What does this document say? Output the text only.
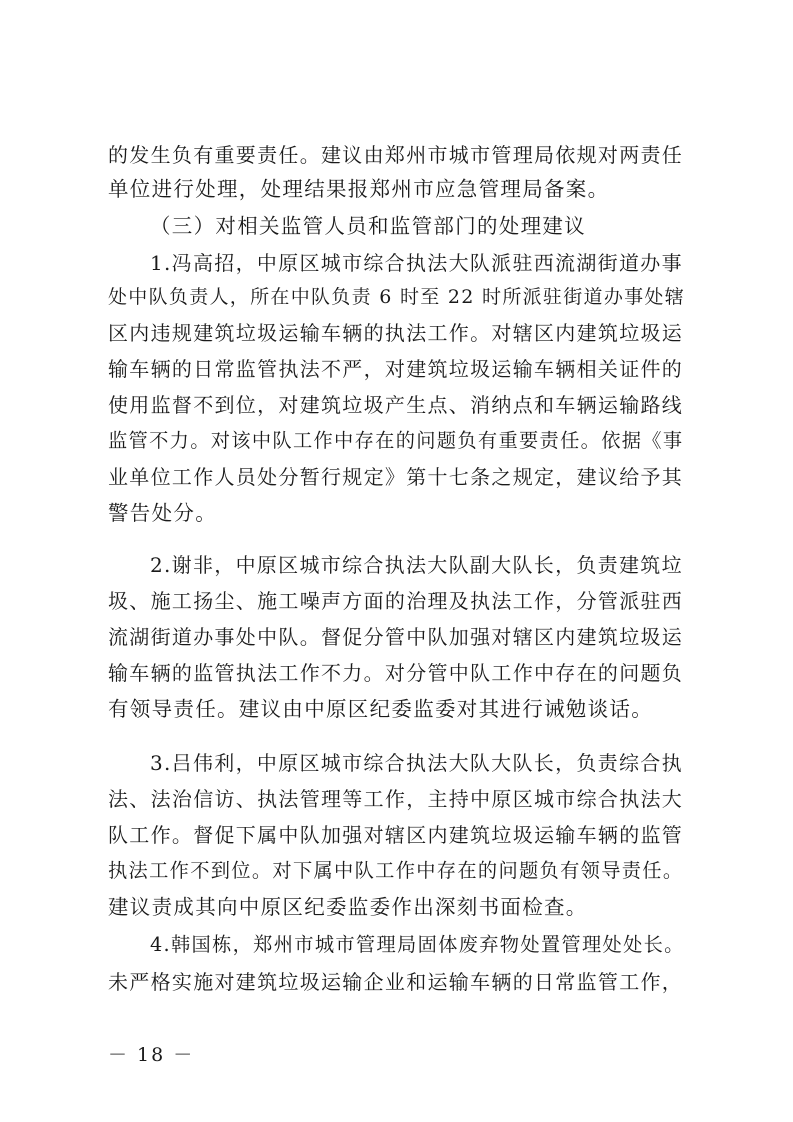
的发生负有重要责任。建议由郑州市城市管理局依规对两责任
单位进行处理，处理结果报郑州市应急管理局备案。
（三）对相关监管人员和监管部门的处理建议
1.冯高招，中原区城市综合执法大队派驻西流湖街道办事
处中队负责人，所在中队负责 6 时至 22 时所派驻街道办事处辖
区内违规建筑垃圾运输车辆的执法工作。对辖区内建筑垃圾运
输车辆的日常监管执法不严，对建筑垃圾运输车辆相关证件的
使用监督不到位，对建筑垃圾产生点、消纳点和车辆运输路线
监管不力。对该中队工作中存在的问题负有重要责任。依据《事
业单位工作人员处分暂行规定》第十七条之规定，建议给予其
警告处分。
2.谢非，中原区城市综合执法大队副大队长，负责建筑垃
圾、施工扬尘、施工噪声方面的治理及执法工作，分管派驻西
流湖街道办事处中队。督促分管中队加强对辖区内建筑垃圾运
输车辆的监管执法工作不力。对分管中队工作中存在的问题负
有领导责任。建议由中原区纪委监委对其进行诫勉谈话。
3.吕伟利，中原区城市综合执法大队大队长，负责综合执
法、法治信访、执法管理等工作，主持中原区城市综合执法大
队工作。督促下属中队加强对辖区内建筑垃圾运输车辆的监管
执法工作不到位。对下属中队工作中存在的问题负有领导责任。
建议责成其向中原区纪委监委作出深刻书面检查。
4.韩国栋，郑州市城市管理局固体废弃物处置管理处处长。
未严格实施对建筑垃圾运输企业和运输车辆的日常监管工作，
－ 18 －
